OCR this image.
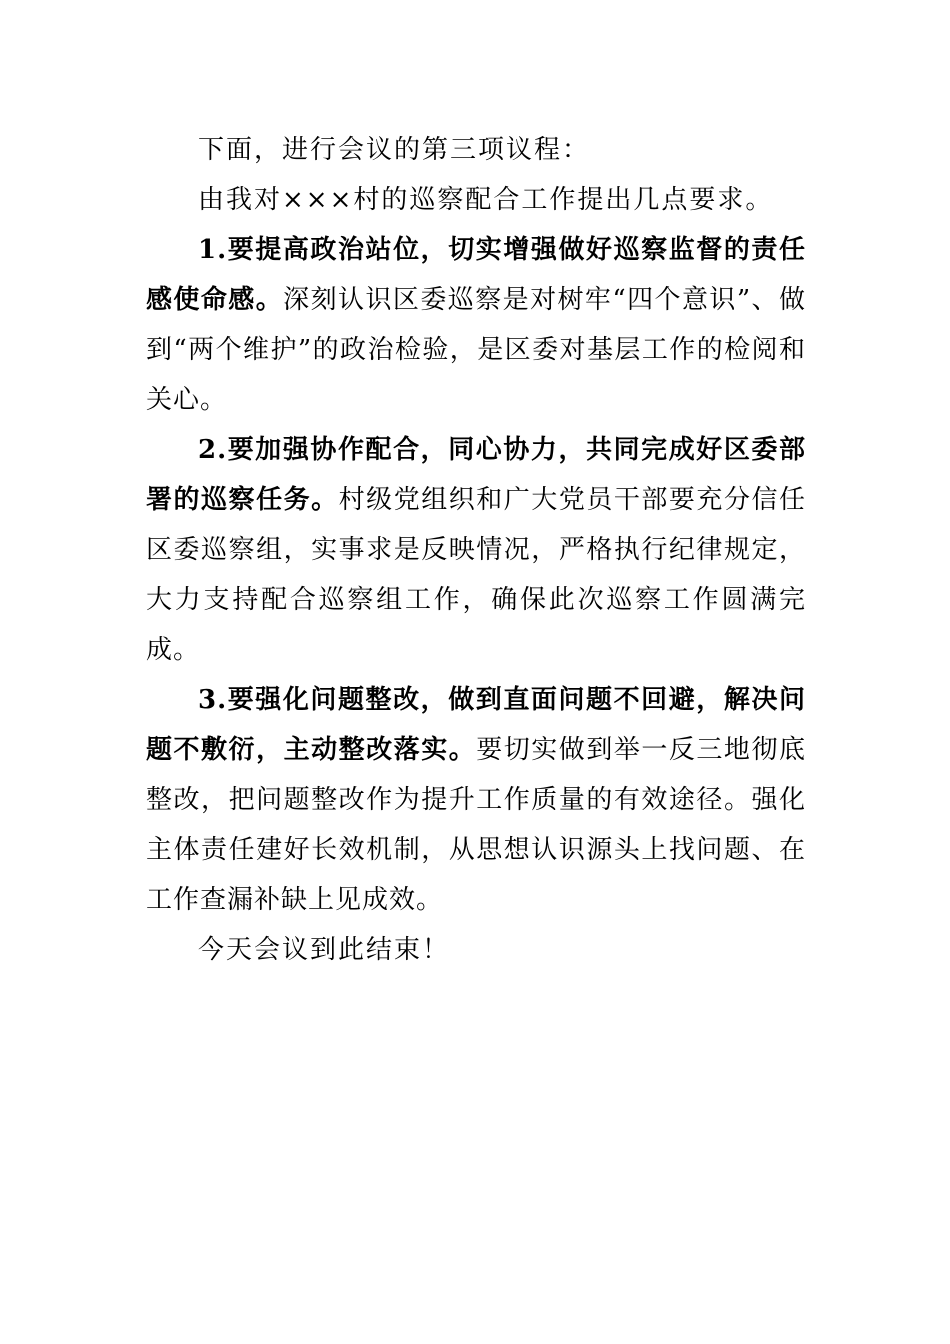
下面，进行会议的第三项议程：

由我对×××村的巡察配合工作提出几点要求。

1.要提高政治站位，切实增强做好巡察监督的责任感使命感。深刻认识区委巡察是对树牢“四个意识”、做到“两个维护”的政治检验，是区委对基层工作的检阅和关心。

2.要加强协作配合，同心协力，共同完成好区委部署的巡察任务。村级党组织和广大党员干部要充分信任区委巡察组，实事求是反映情况，严格执行纪律规定，大力支持配合巡察组工作，确保此次巡察工作圆满完成。

3.要强化问题整改，做到直面问题不回避，解决问题不敷衍，主动整改落实。要切实做到举一反三地彻底整改，把问题整改作为提升工作质量的有效途径。强化主体责任建好长效机制，从思想认识源头上找问题、在工作查漏补缺上见成效。

今天会议到此结束！
